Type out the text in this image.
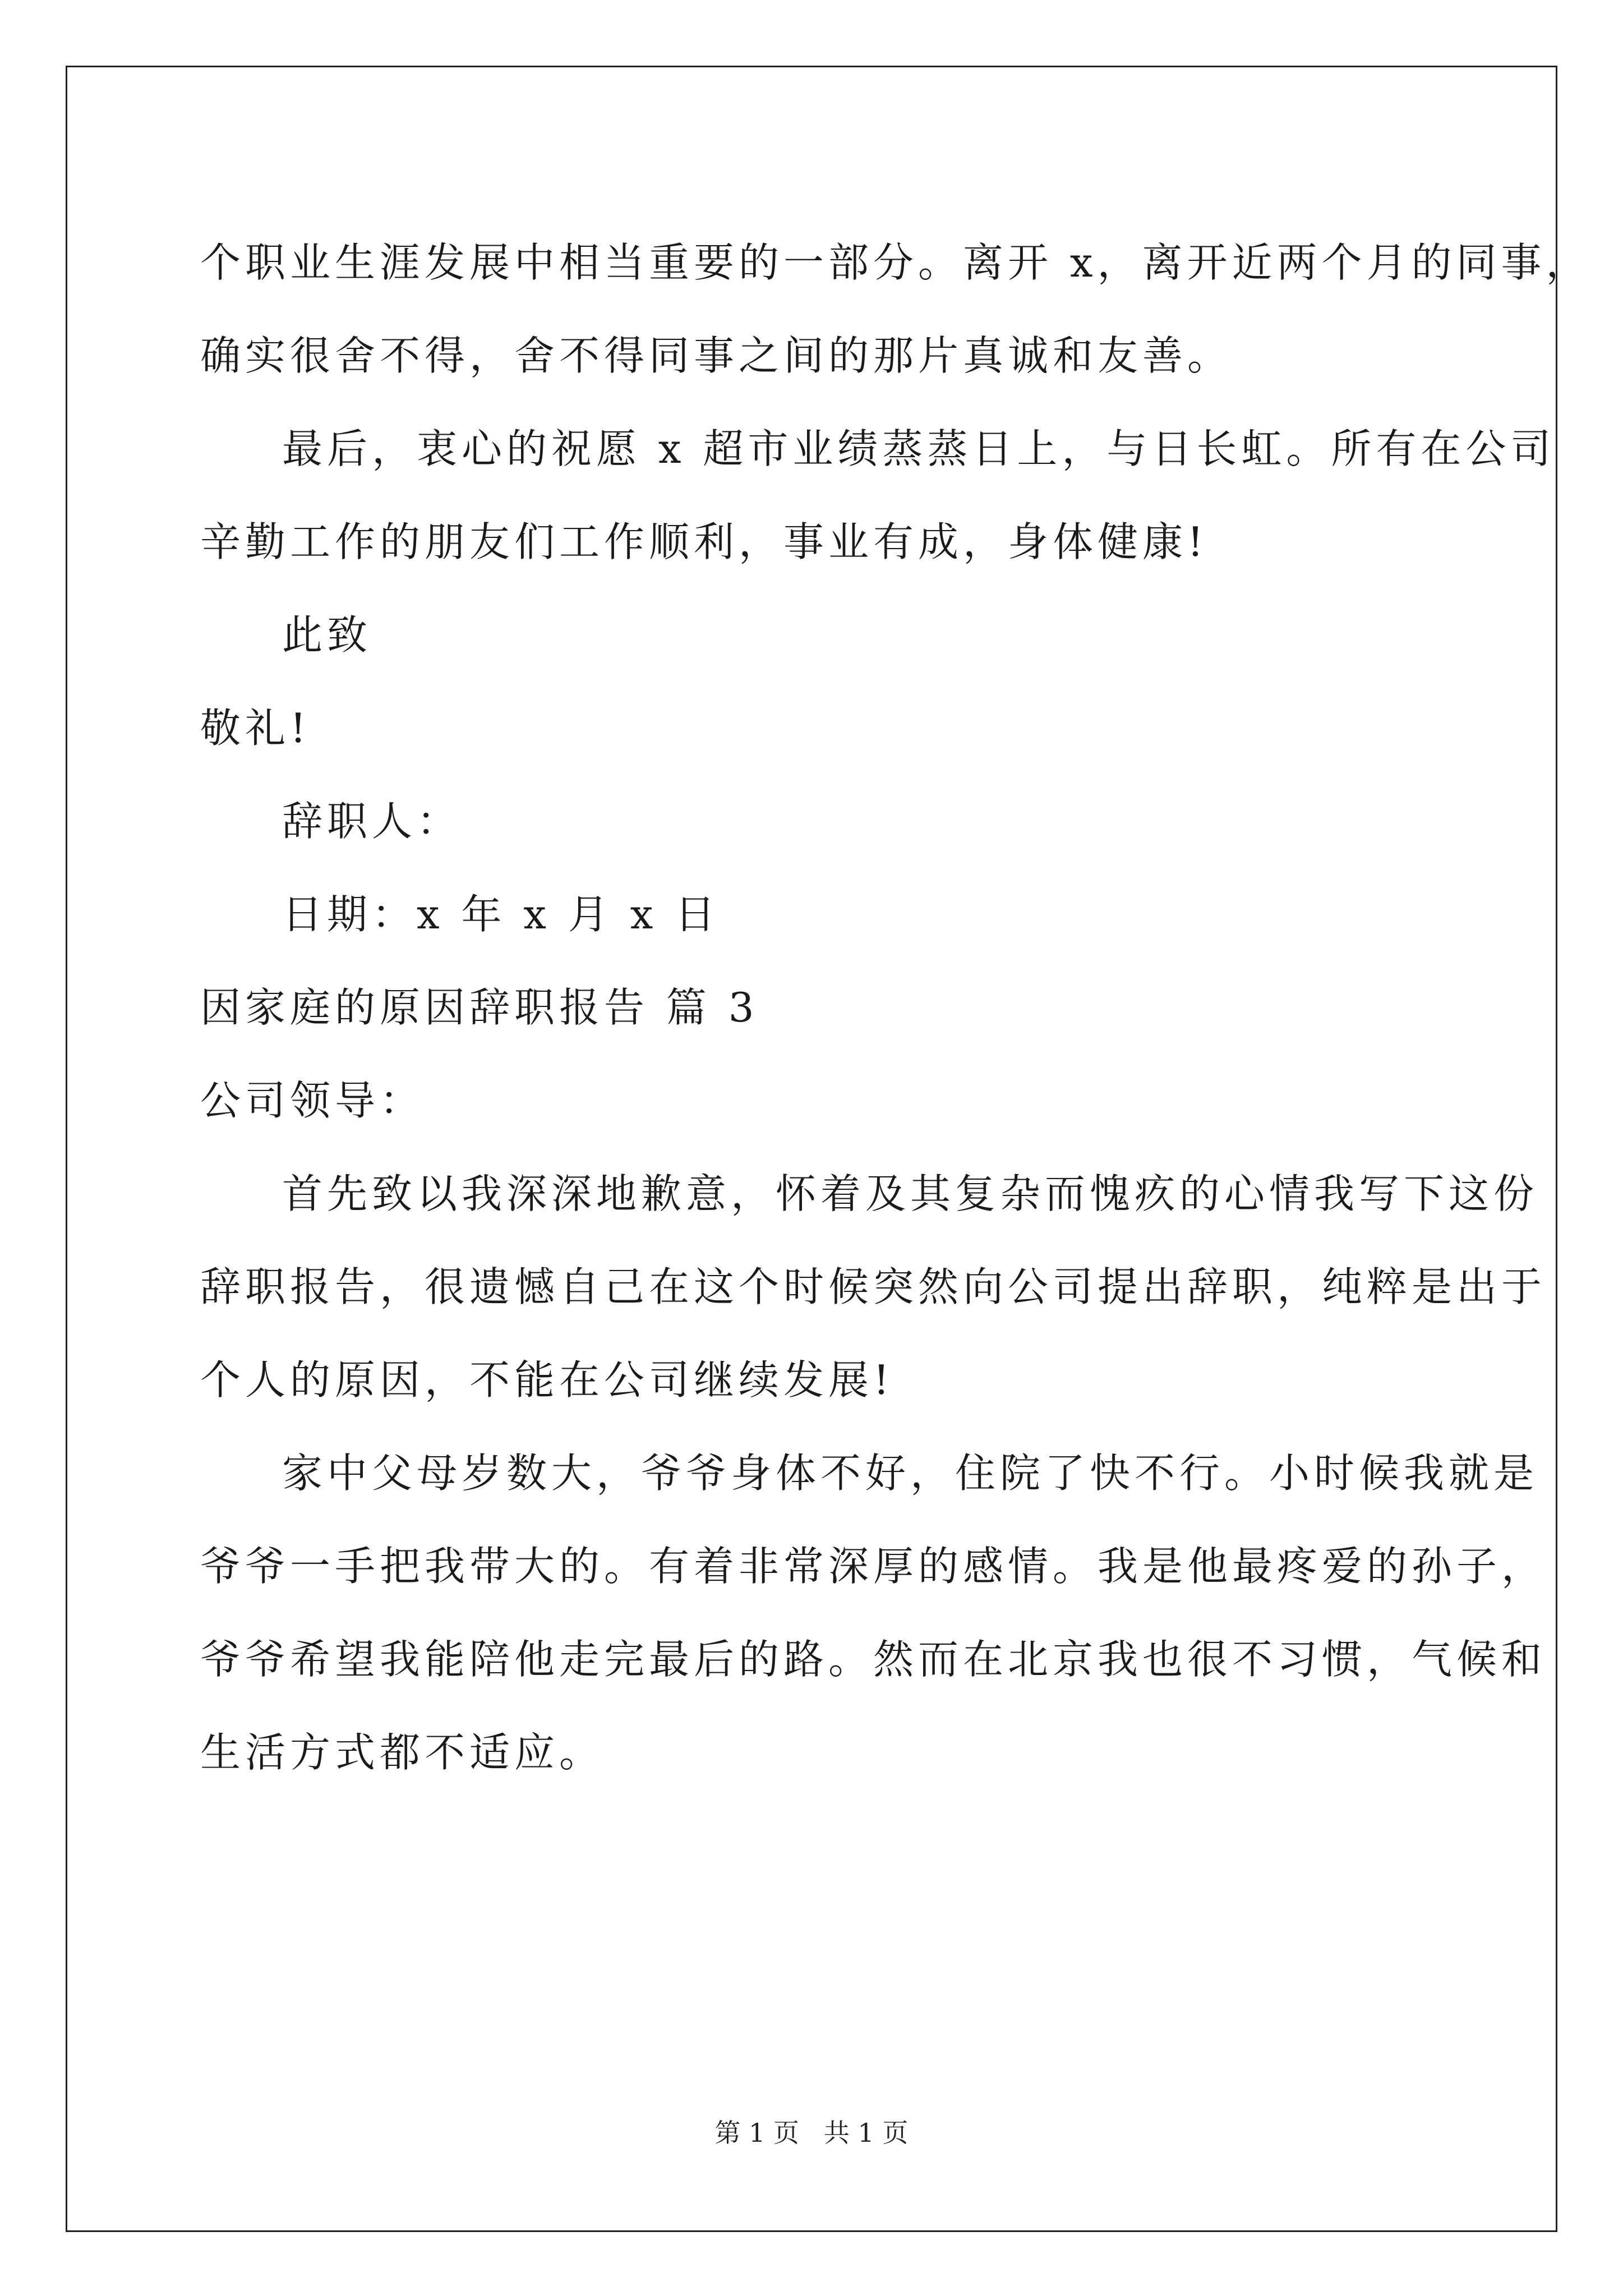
个职业生涯发展中相当重要的一部分。离开 x，离开近两个月的同事，
确实很舍不得，舍不得同事之间的那片真诚和友善。
最后，衷心的祝愿 x 超市业绩蒸蒸日上，与日长虹。所有在公司
辛勤工作的朋友们工作顺利，事业有成，身体健康!
此致
敬礼!
辞职人：
日期：x 年 x 月 x 日
因家庭的原因辞职报告 篇 3
公司领导：
首先致以我深深地歉意，怀着及其复杂而愧疚的心情我写下这份
辞职报告，很遗憾自己在这个时候突然向公司提出辞职，纯粹是出于
个人的原因，不能在公司继续发展!
家中父母岁数大，爷爷身体不好，住院了快不行。小时候我就是
爷爷一手把我带大的。有着非常深厚的感情。我是他最疼爱的孙子，
爷爷希望我能陪他走完最后的路。然而在北京我也很不习惯，气候和
生活方式都不适应。
第 1 页   共 1 页
